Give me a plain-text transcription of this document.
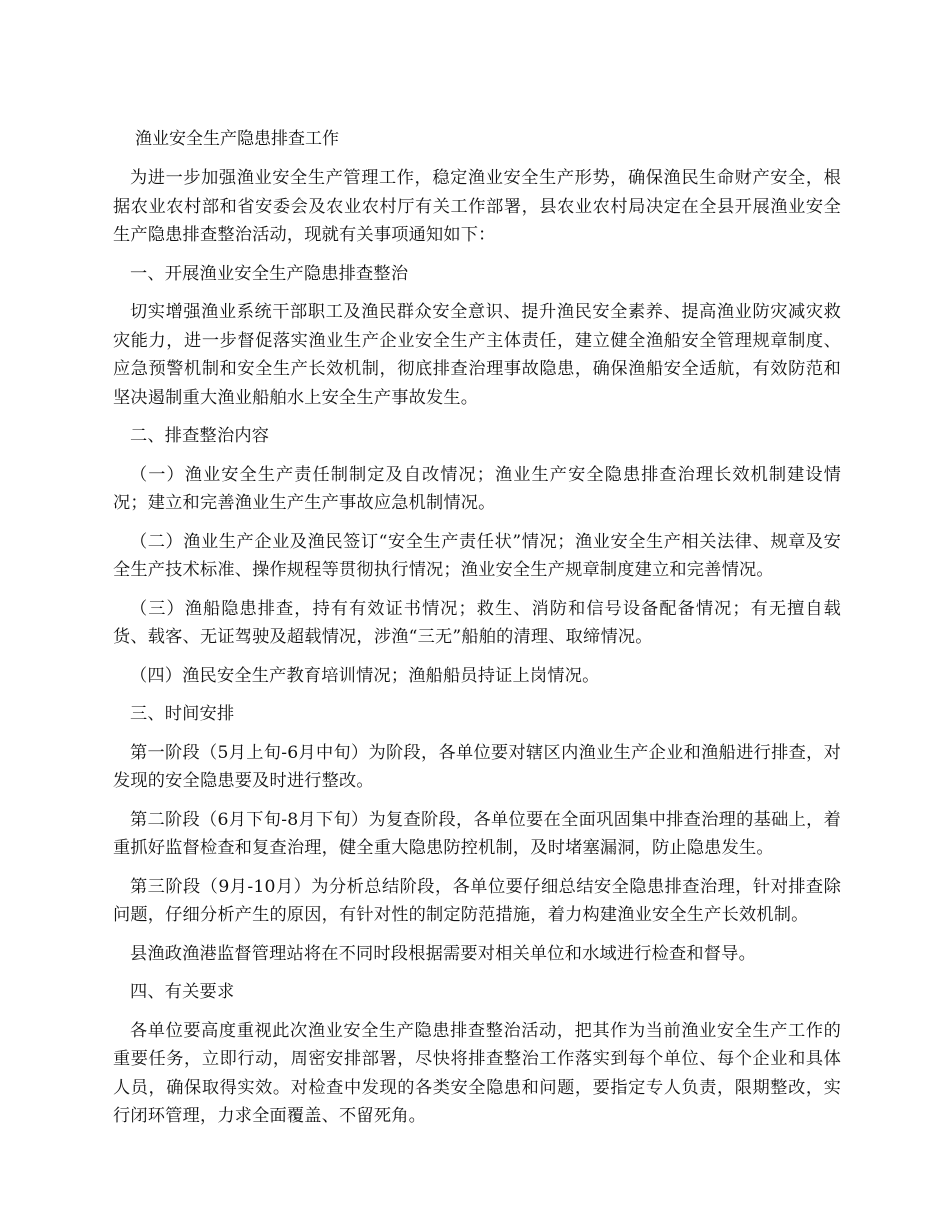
渔业安全生产隐患排查工作

为进一步加强渔业安全生产管理工作，稳定渔业安全生产形势，确保渔民生命财产安全，根据农业农村部和省安委会及农业农村厅有关工作部署，县农业农村局决定在全县开展渔业安全生产隐患排查整治活动，现就有关事项通知如下：

一、开展渔业安全生产隐患排查整治

切实增强渔业系统干部职工及渔民群众安全意识、提升渔民安全素养、提高渔业防灾减灾救灾能力，进一步督促落实渔业生产企业安全生产主体责任，建立健全渔船安全管理规章制度、应急预警机制和安全生产长效机制，彻底排查治理事故隐患，确保渔船安全适航，有效防范和坚决遏制重大渔业船舶水上安全生产事故发生。

二、排查整治内容

（一）渔业安全生产责任制制定及自改情况；渔业生产安全隐患排查治理长效机制建设情况；建立和完善渔业生产生产事故应急机制情况。

（二）渔业生产企业及渔民签订“安全生产责任状”情况；渔业安全生产相关法律、规章及安全生产技术标准、操作规程等贯彻执行情况；渔业安全生产规章制度建立和完善情况。

（三）渔船隐患排查，持有有效证书情况；救生、消防和信号设备配备情况；有无擅自载货、载客、无证驾驶及超载情况，涉渔“三无”船舶的清理、取缔情况。

（四）渔民安全生产教育培训情况；渔船船员持证上岗情况。

三、时间安排

第一阶段（5月上旬-6月中旬）为阶段，各单位要对辖区内渔业生产企业和渔船进行排查，对发现的安全隐患要及时进行整改。

第二阶段（6月下旬-8月下旬）为复查阶段，各单位要在全面巩固集中排查治理的基础上，着重抓好监督检查和复查治理，健全重大隐患防控机制，及时堵塞漏洞，防止隐患发生。

第三阶段（9月-10月）为分析总结阶段，各单位要仔细总结安全隐患排查治理，针对排查除问题，仔细分析产生的原因，有针对性的制定防范措施，着力构建渔业安全生产长效机制。

县渔政渔港监督管理站将在不同时段根据需要对相关单位和水域进行检查和督导。

四、有关要求

各单位要高度重视此次渔业安全生产隐患排查整治活动，把其作为当前渔业安全生产工作的重要任务，立即行动，周密安排部署，尽快将排查整治工作落实到每个单位、每个企业和具体人员，确保取得实效。对检查中发现的各类安全隐患和问题，要指定专人负责，限期整改，实行闭环管理，力求全面覆盖、不留死角。
